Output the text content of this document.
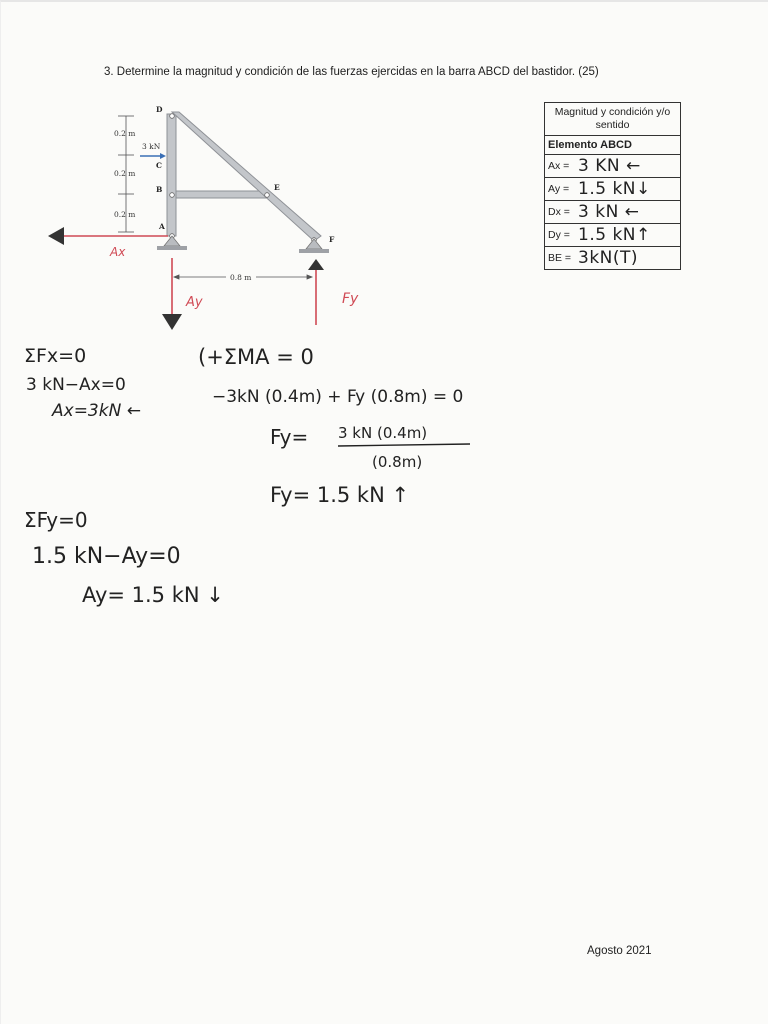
3. Determine la magnitud y condición de las fuerzas ejercidas en la barra ABCD del bastidor. (25)
0.2 m
0.2 m
0.2 m
3 kN
D
C
B
A
E
F
0.8 m
Ax
Ay	Fy
ΣFx=0
3 kN−Ax=0
Ax=3kN ←
(+ΣMA = 0
−3kN (0.4m) + Fy (0.8m) = 0
Fy= 3 kN (0.4m)
(0.8m)
Fy= 1.5 kN ↑
ΣFy=0
1.5 kN−Ay=0
Ay= 1.5 kN ↓
Magnitud y condición y/o sentido
Elemento ABCD
Ax = 3 KN ←
Ay = 1.5 kN↓
Dx = 3 kN ←
Dy = 1.5 kN↑
BE = 3kN(T)
Agosto 2021
